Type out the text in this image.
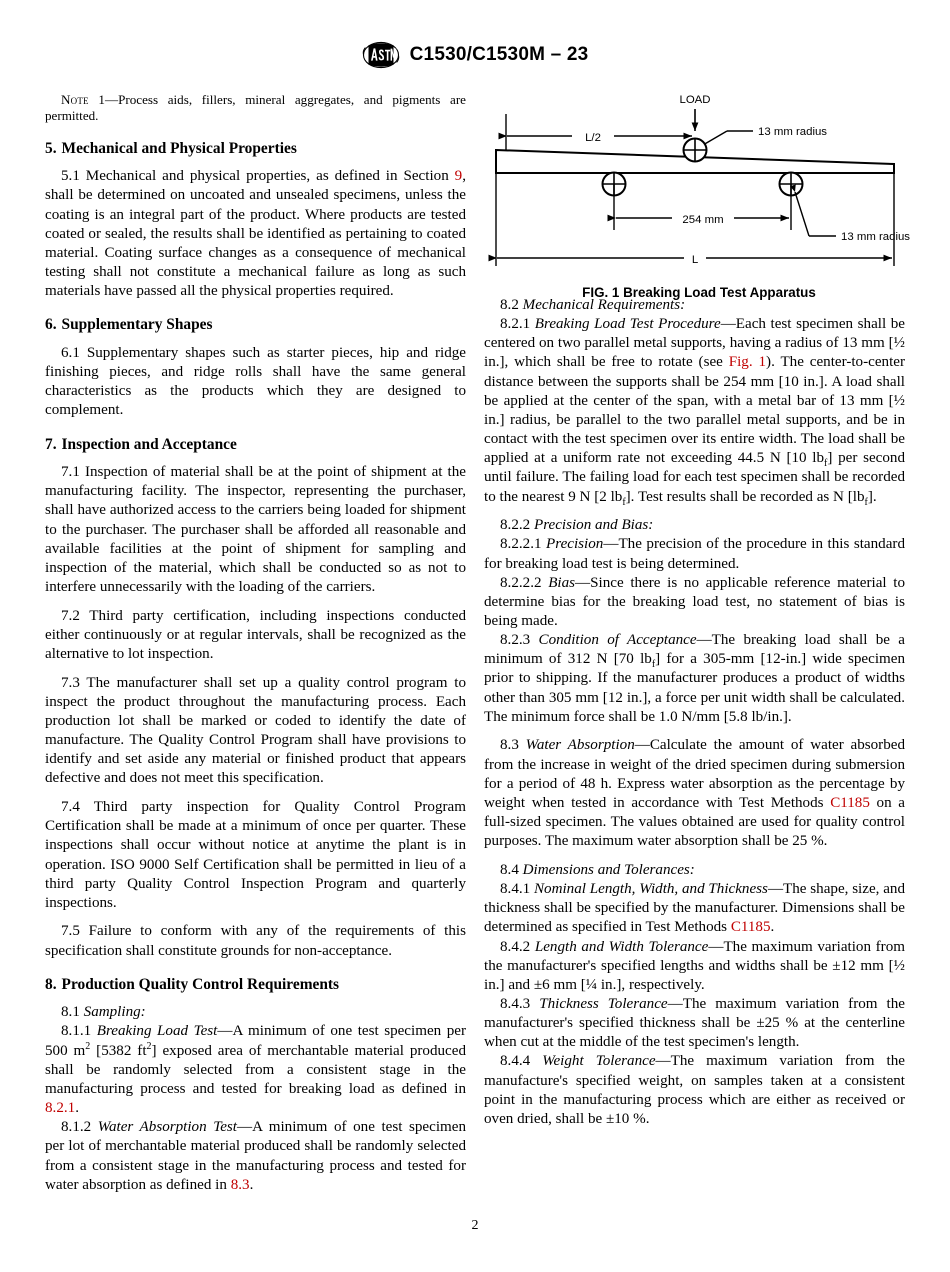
C1530/C1530M – 23
Note 1—Process aids, fillers, mineral aggregates, and pigments are permitted.
5. Mechanical and Physical Properties

5.1 Mechanical and physical properties, as defined in Section 9, shall be determined on uncoated and unsealed specimens, unless the coating is an integral part of the product. Where products are tested coated or sealed, the results shall be identified as pertaining to coated material. Coating surface changes as a consequence of mechanical testing shall not constitute a mechanical failure as long as such materials have passed all the physical properties required.

6. Supplementary Shapes

6.1 Supplementary shapes such as starter pieces, hip and ridge finishing pieces, and ridge rolls shall have the same general characteristics as the products which they are designed to complement.

7. Inspection and Acceptance

7.1 Inspection of material shall be at the point of shipment at the manufacturing facility. The inspector, representing the purchaser, shall have authorized access to the carriers being loaded for shipment to the purchaser. The purchaser shall be afforded all reasonable and available facilities at the point of shipment for sampling and inspection of the material, which shall be conducted so as not to interfere unnecessarily with the loading of the carriers.

7.2 Third party certification, including inspections conducted either continuously or at regular intervals, shall be recognized as the alternative to lot inspection.

7.3 The manufacturer shall set up a quality control program to inspect the product throughout the manufacturing process. Each production lot shall be marked or coded to identify the date of manufacture. The Quality Control Program shall have provisions to identify and set aside any material or finished product that appears defective and does not meet this specification.

7.4 Third party inspection for Quality Control Program Certification shall be made at a minimum of once per quarter. These inspections shall occur without notice at anytime the plant is in operation. ISO 9000 Self Certification shall be permitted in lieu of a third party Quality Control Inspection Program and quarterly inspections.

7.5 Failure to conform with any of the requirements of this specification shall constitute grounds for non-acceptance.

8. Production Quality Control Requirements

8.1 Sampling:

8.1.1 Breaking Load Test—A minimum of one test specimen per 500 $m^2$ [5382 $ft^2$] exposed area of merchantable material produced shall be randomly selected from a consistent stage in the manufacturing process and tested for breaking load as defined in 8.2.1.

8.1.2 Water Absorption Test—A minimum of one test specimen per lot of merchantable material produced shall be randomly selected from a consistent stage in the manufacturing process and tested for water absorption as defined in 8.3.

LOAD
L/2	13 mm radius
254 mm
13 mm radius
L
FIG. 1 Breaking Load Test Apparatus

8.2 Mechanical Requirements:

8.2.1 Breaking Load Test Procedure—Each test specimen shall be centered on two parallel metal supports, having a radius of 13 mm [½ in.], which shall be free to rotate (see Fig. 1). The center-to-center distance between the supports shall be 254 mm [10 in.]. A load shall be applied at the center of the span, with a metal bar of 13 mm [½ in.] radius, be parallel to the two parallel metal supports, and be in contact with the test specimen over its entire width. The load shall be applied at a uniform rate not exceeding 44.5 N [10 $lb_f$] per second until failure. The failing load for each test specimen shall be recorded to the nearest 9 N [2 $lb_f$]. Test results shall be recorded as N $[lb_f]$.

8.2.2 Precision and Bias:

8.2.2.1 Precision—The precision of the procedure in this standard for breaking load test is being determined.

8.2.2.2 Bias—Since there is no applicable reference material to determine bias for the breaking load test, no statement of bias is being made.

8.2.3 Condition of Acceptance—The breaking load shall be a minimum of 312 N [70 $lb_f$] for a 305-mm [12-in.] wide specimen prior to shipping. If the manufacturer produces a product of widths other than 305 mm [12 in.], a force per unit width shall be calculated. The minimum force shall be 1.0 N/mm [5.8 lb/in.].

8.3 Water Absorption—Calculate the amount of water absorbed from the increase in weight of the dried specimen during submersion for a period of 48 h. Express water absorption as the percentage by weight when tested in accordance with Test Methods C1185 on a full-sized specimen. The values obtained are used for quality control purposes. The maximum water absorption shall be 25 %.

8.4 Dimensions and Tolerances:

8.4.1 Nominal Length, Width, and Thickness—The shape, size, and thickness shall be specified by the manufacturer. Dimensions shall be determined as specified in Test Methods C1185.

8.4.2 Length and Width Tolerance—The maximum variation from the manufacturer's specified lengths and widths shall be ±12 mm [½ in.] and ±6 mm [¼ in.], respectively.

8.4.3 Thickness Tolerance—The maximum variation from the manufacturer's specified thickness shall be ±25 % at the centerline when cut at the middle of the test specimen's length.

8.4.4 Weight Tolerance—The maximum variation from the manufacture's specified weight, on samples taken at a consistent point in the manufacturing process which are either as received or oven dried, shall be ±10 %.

2
